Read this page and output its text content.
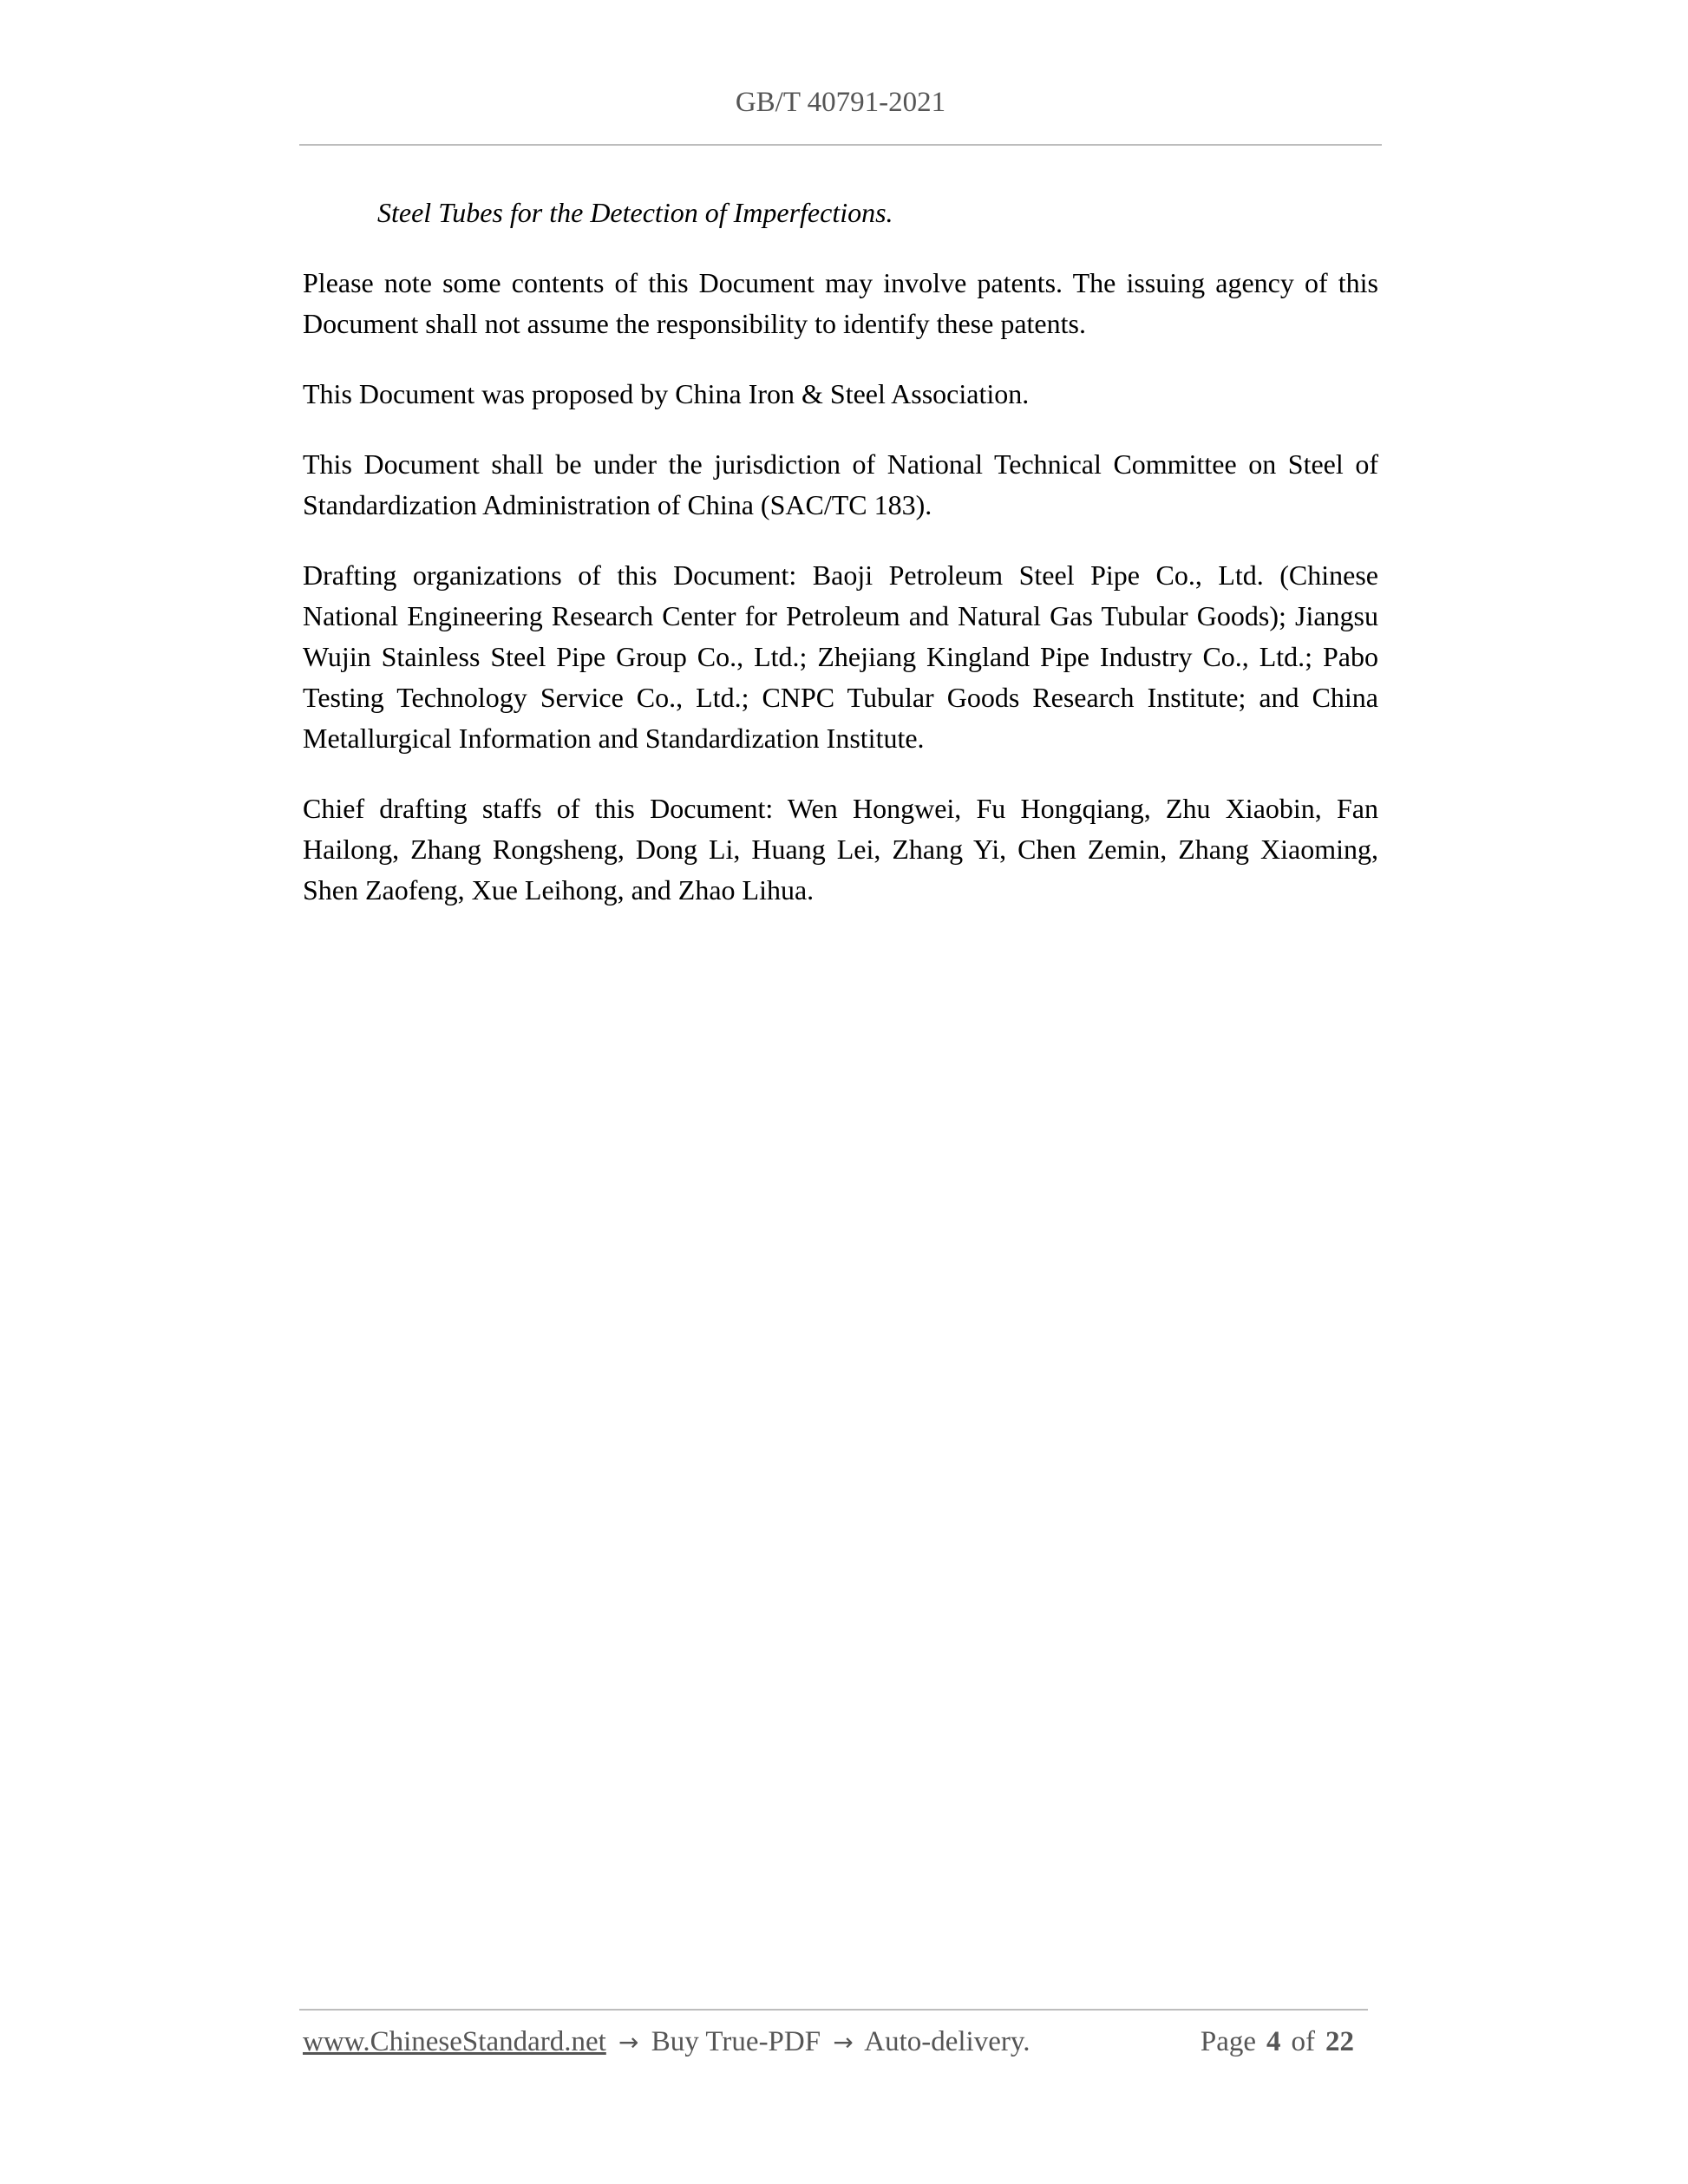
GB/T 40791-2021

Steel Tubes for the Detection of Imperfections.

Please note some contents of this Document may involve patents. The issuing agency of this Document shall not assume the responsibility to identify these patents.

This Document was proposed by China Iron & Steel Association.

This Document shall be under the jurisdiction of National Technical Committee on Steel of Standardization Administration of China (SAC/TC 183).

Drafting organizations of this Document: Baoji Petroleum Steel Pipe Co., Ltd. (Chinese National Engineering Research Center for Petroleum and Natural Gas Tubular Goods); Jiangsu Wujin Stainless Steel Pipe Group Co., Ltd.; Zhejiang Kingland Pipe Industry Co., Ltd.; Pabo Testing Technology Service Co., Ltd.; CNPC Tubular Goods Research Institute; and China Metallurgical Information and Standardization Institute.

Chief drafting staffs of this Document: Wen Hongwei, Fu Hongqiang, Zhu Xiaobin, Fan Hailong, Zhang Rongsheng, Dong Li, Huang Lei, Zhang Yi, Chen Zemin, Zhang Xiaoming, Shen Zaofeng, Xue Leihong, and Zhao Lihua.

www.ChineseStandard.net → Buy True-PDF → Auto-delivery.	Page 4 of 22
